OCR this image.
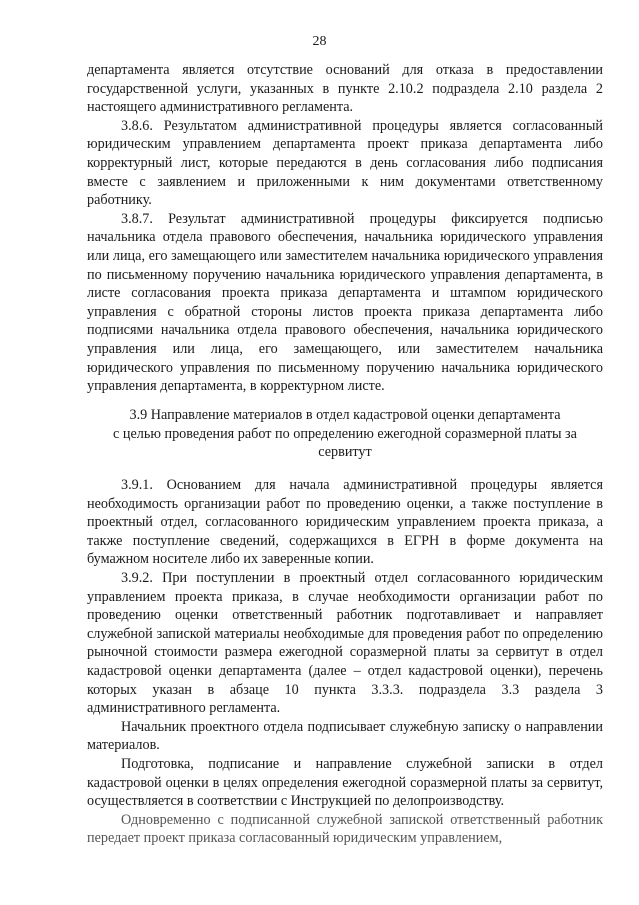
28

департамента является отсутствие оснований для отказа в предоставлении государственной услуги, указанных в пункте 2.10.2 подраздела 2.10 раздела 2 настоящего административного регламента.

3.8.6. Результатом административной процедуры является согласованный юридическим управлением департамента проект приказа департамента либо корректурный лист, которые передаются в день согласования либо подписания вместе с заявлением и приложенными к ним документами ответственному работнику.

3.8.7. Результат административной процедуры фиксируется подписью начальника отдела правового обеспечения, начальника юридического управления или лица, его замещающего или заместителем начальника юридического управления по письменному поручению начальника юридического управления департамента, в листе согласования проекта приказа департамента и штампом юридического управления с обратной стороны листов проекта приказа департамента либо подписями начальника отдела правового обеспечения, начальника юридического управления или лица, его замещающего, или заместителем начальника юридического управления по письменному поручению начальника юридического управления департамента, в корректурном листе.

3.9 Направление материалов в отдел кадастровой оценки департамента
с целью проведения работ по определению ежегодной соразмерной платы за
сервитут

3.9.1. Основанием для начала административной процедуры является необходимость организации работ по проведению оценки, а также поступление в проектный отдел, согласованного юридическим управлением проекта приказа, а также поступление сведений, содержащихся в ЕГРН в форме документа на бумажном носителе либо их заверенные копии.

3.9.2. При поступлении в проектный отдел согласованного юридическим управлением проекта приказа, в случае необходимости организации работ по проведению оценки ответственный работник подготавливает и направляет служебной запиской материалы необходимые для проведения работ по определению рыночной стоимости размера ежегодной соразмерной платы за сервитут в отдел кадастровой оценки департамента (далее – отдел кадастровой оценки), перечень которых указан в абзаце 10 пункта 3.3.3. подраздела 3.3 раздела 3 административного регламента.

Начальник проектного отдела подписывает служебную записку о направлении материалов.

Подготовка, подписание и направление служебной записки в отдел кадастровой оценки в целях определения ежегодной соразмерной платы за сервитут, осуществляется в соответствии с Инструкцией по делопроизводству.

Одновременно с подписанной служебной запиской ответственный работник передает проект приказа согласованный юридическим управлением,
